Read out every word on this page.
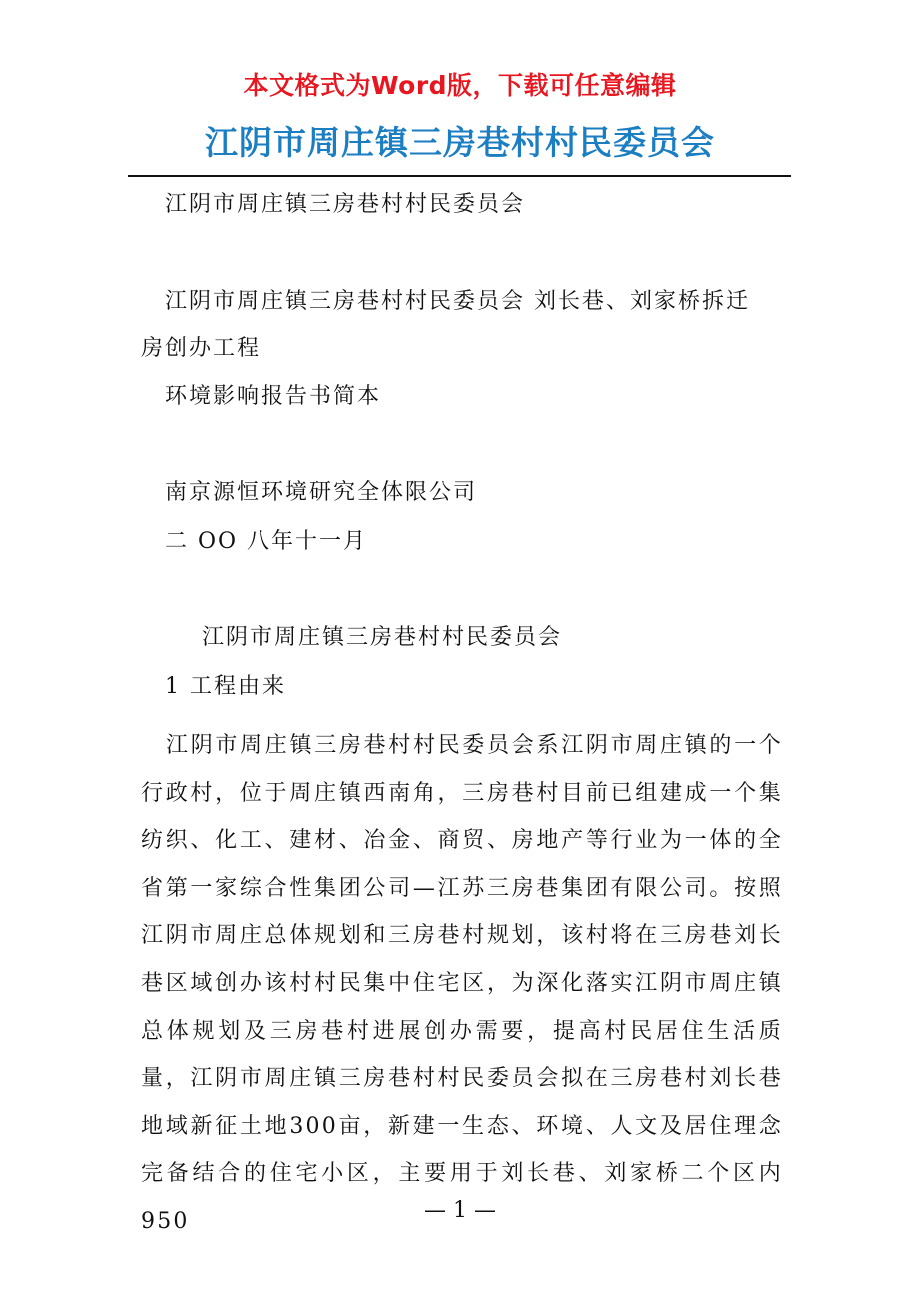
本文格式为Word版，下载可任意编辑
江阴市周庄镇三房巷村村民委员会
江阴市周庄镇三房巷村村民委员会
江阴市周庄镇三房巷村村民委员会 刘长巷、刘家桥拆迁
房创办工程
环境影响报告书简本
南京源恒环境研究全体限公司
二 OO 八年十一月
江阴市周庄镇三房巷村村民委员会
1 工程由来

江阴市周庄镇三房巷村村民委员会系江阴市周庄镇的一个行政村，位于周庄镇西南角，三房巷村目前已组建成一个集纺织、化工、建材、冶金、商贸、房地产等行业为一体的全省第一家综合性集团公司—江苏三房巷集团有限公司。按照江阴市周庄总体规划和三房巷村规划，该村将在三房巷刘长巷区域创办该村村民集中住宅区，为深化落实江阴市周庄镇总体规划及三房巷村进展创办需要，提高村民居住生活质量，江阴市周庄镇三房巷村村民委员会拟在三房巷村刘长巷地域新征土地300亩，新建一生态、环境、人文及居住理念完备结合的住宅小区，主要用于刘长巷、刘家桥二个区内950	— 1 —
